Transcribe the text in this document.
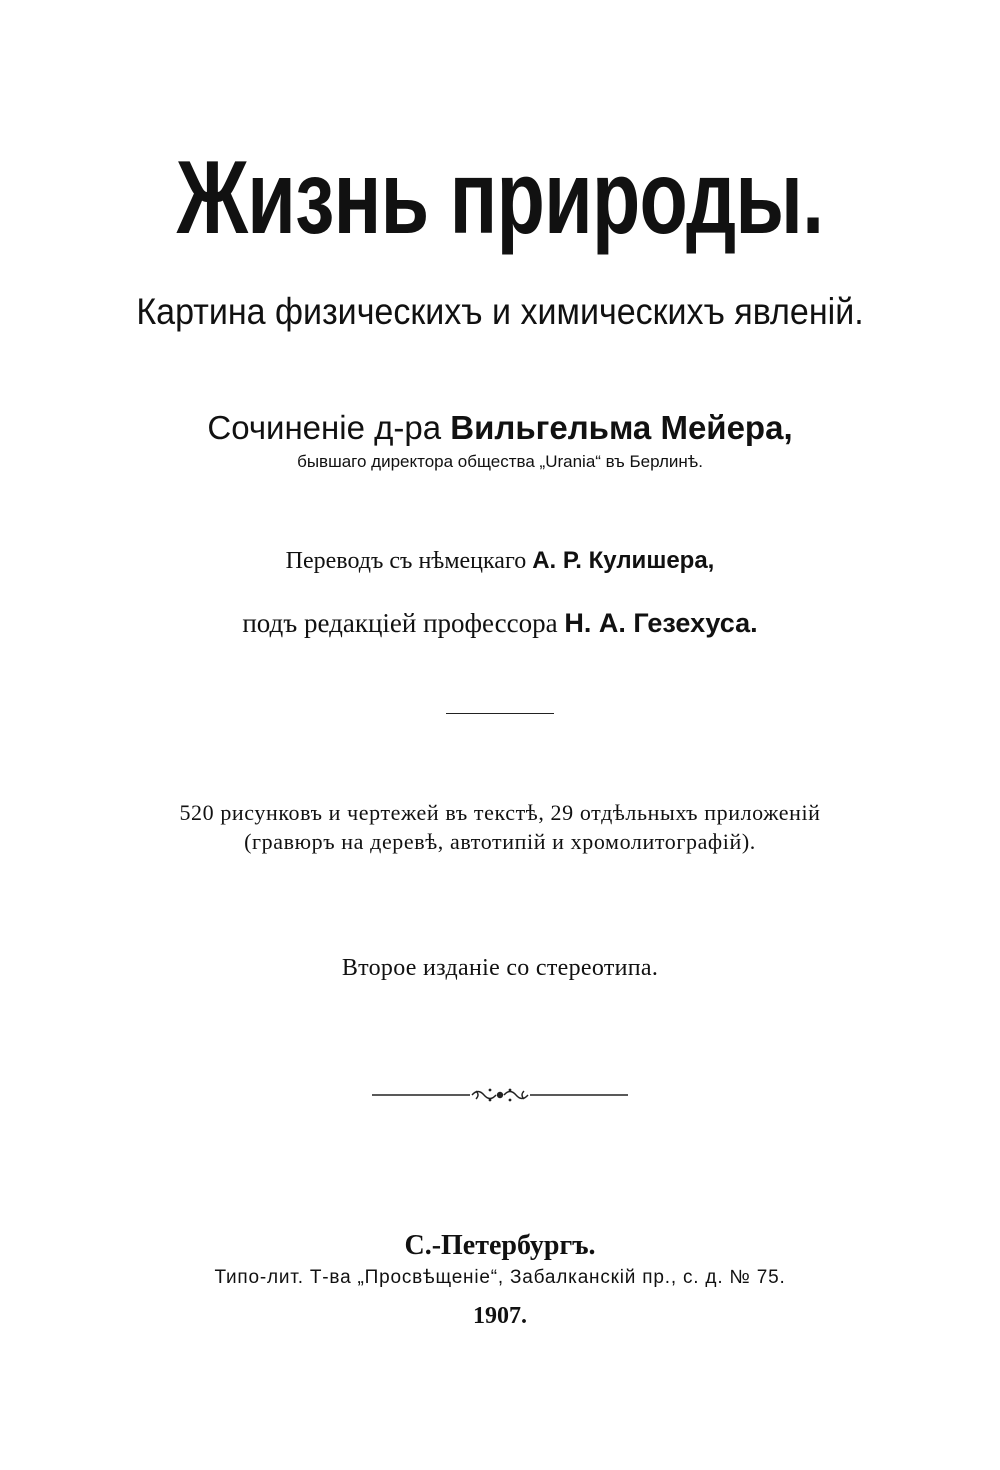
Жизнь природы.
Картина физическихъ и химическихъ явленій.
Сочиненіе д-ра Вильгельма Мейера,
бывшаго директора общества „Urania“ въ Берлинѣ.
Переводъ съ нѣмецкаго А. Р. Кулишера,
подъ редакціей профессора Н. А. Гезехуса.
520 рисунковъ и чертежей въ текстѣ, 29 отдѣльныхъ приложеній
(гравюръ на деревѣ, автотипій и хромолитографій).
Второе изданіе со стереотипа.
С.-Петербургъ.
Типо-лит. Т-ва „Просвѣщеніе“, Забалканскій пр., с. д. № 75.
1907.
